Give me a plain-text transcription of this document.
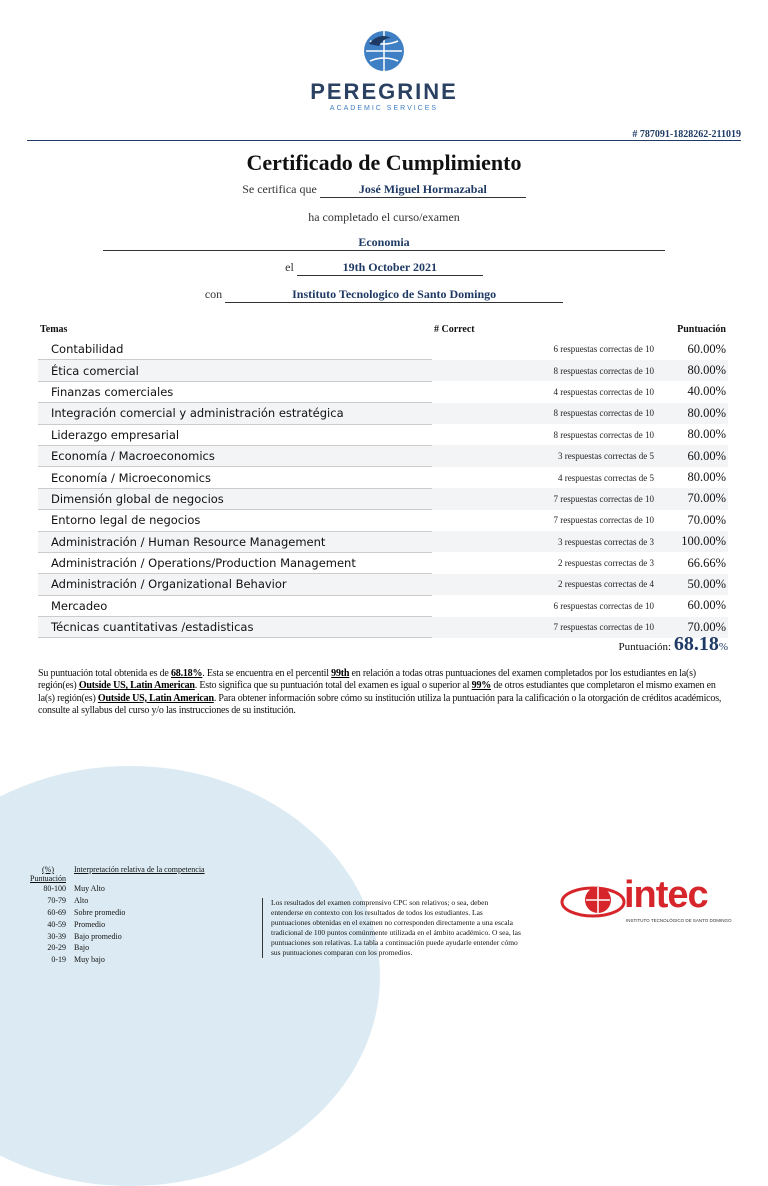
PEREGRINE
ACADEMIC SERVICES
# 787091-1828262-211019
Certificado de Cumplimiento
Se certifica que	José Miguel Hormazabal
ha completado el curso/examen
Economia
el	19th October 2021
con	Instituto Tecnologico de Santo Domingo
Temas	# Correct	Puntuación
Contabilidad	6 respuestas correctas de 10	60.00%
Ética comercial	8 respuestas correctas de 10	80.00%
Finanzas comerciales	4 respuestas correctas de 10	40.00%
Integración comercial y administración estratégica	8 respuestas correctas de 10	80.00%
Liderazgo empresarial	8 respuestas correctas de 10	80.00%
Economía / Macroeconomics	3 respuestas correctas de 5	60.00%
Economía / Microeconomics	4 respuestas correctas de 5	80.00%
Dimensión global de negocios	7 respuestas correctas de 10	70.00%
Entorno legal de negocios	7 respuestas correctas de 10	70.00%
Administración / Human Resource Management	3 respuestas correctas de 3	100.00%
Administración / Operations/Production Management	2 respuestas correctas de 3	66.66%
Administración / Organizational Behavior	2 respuestas correctas de 4	50.00%
Mercadeo	6 respuestas correctas de 10	60.00%
Técnicas cuantitativas /estadisticas	7 respuestas correctas de 10	70.00%
Puntuación: 68.18%
Su puntuación total obtenida es de 68.18%. Esta se encuentra en el percentil 99th en relación a todas otras puntuaciones del examen completados por los estudiantes en la(s) región(es) Outside US, Latin American. Esto significa que su puntuación total del examen es igual o superior al 99% de otros estudiantes que completaron el mismo examen en la(s) región(es) Outside US, Latin American. Para obtener información sobre cómo su institución utiliza la puntuación para la calificación o la otorgación de créditos académicos, consulte al syllabus del curso y/o las instrucciones de su institución.
(%)
Puntuación	Interpretación relativa de la competencia
80-100	Muy Alto
70-79	Alto
60-69	Sobre promedio
40-59	Promedio
30-39	Bajo promedio
20-29	Bajo
0-19	Muy bajo
Los resultados del examen comprensivo CPC son relativos; o sea, deben entenderse en contexto con los resultados de todos los estudiantes. Las puntuaciones obtenidas en el examen no corresponden directamente a una escala tradicional de 100 puntos comúnmente utilizada en el ámbito académico. O sea, las puntuaciones son relativas. La tabla a continuación puede ayudarle entender cómo sus puntuaciones comparan con los promedios.
intec
INSTITUTO TECNOLÓGICO DE SANTO DOMINGO
